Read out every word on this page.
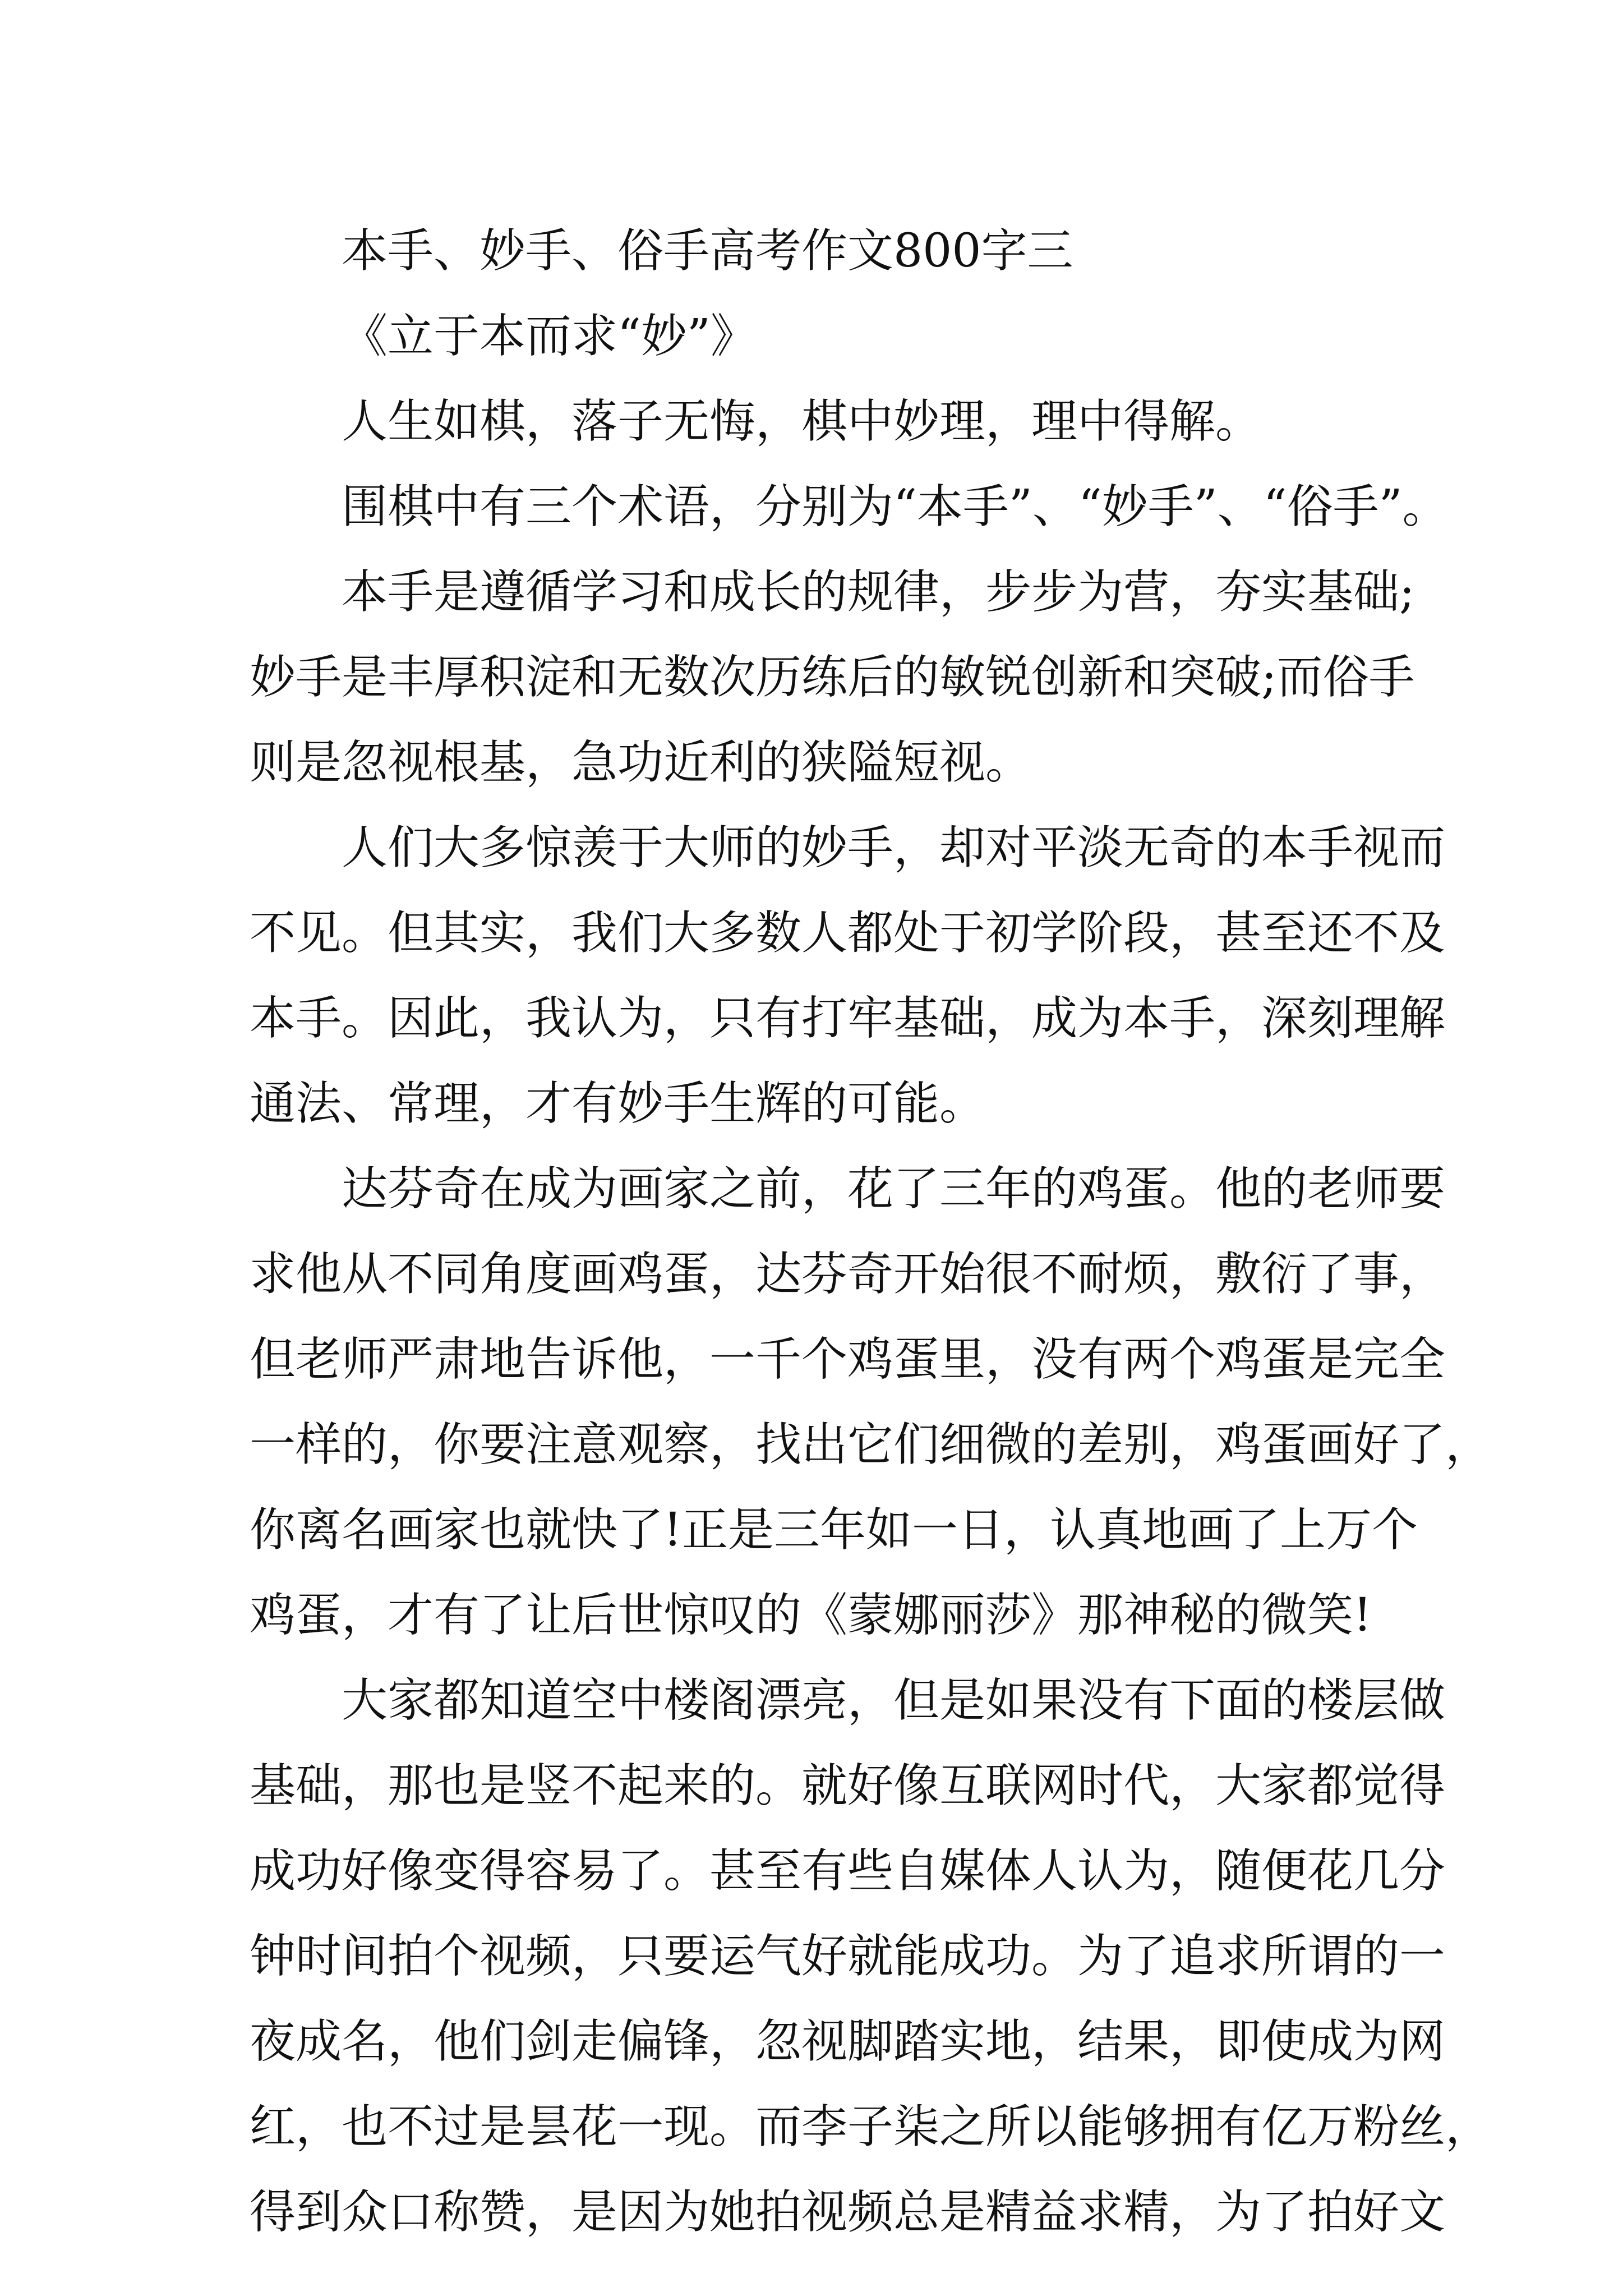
本手、妙手、俗手高考作文800字三
《立于本而求“妙”》
人生如棋，落子无悔，棋中妙理，理中得解。
围棋中有三个术语，分别为“本手”、“妙手”、“俗手”。
本手是遵循学习和成长的规律，步步为营，夯实基础;
妙手是丰厚积淀和无数次历练后的敏锐创新和突破;而俗手
则是忽视根基，急功近利的狭隘短视。
人们大多惊羡于大师的妙手，却对平淡无奇的本手视而
不见。但其实，我们大多数人都处于初学阶段，甚至还不及
本手。因此，我认为，只有打牢基础，成为本手，深刻理解
通法、常理，才有妙手生辉的可能。
达芬奇在成为画家之前，花了三年的鸡蛋。他的老师要
求他从不同角度画鸡蛋，达芬奇开始很不耐烦，敷衍了事，
但老师严肃地告诉他，一千个鸡蛋里，没有两个鸡蛋是完全
一样的，你要注意观察，找出它们细微的差别，鸡蛋画好了，
你离名画家也就快了!正是三年如一日，认真地画了上万个
鸡蛋，才有了让后世惊叹的《蒙娜丽莎》那神秘的微笑!
大家都知道空中楼阁漂亮，但是如果没有下面的楼层做
基础，那也是竖不起来的。就好像互联网时代，大家都觉得
成功好像变得容易了。甚至有些自媒体人认为，随便花几分
钟时间拍个视频，只要运气好就能成功。为了追求所谓的一
夜成名，他们剑走偏锋，忽视脚踏实地，结果，即使成为网
红，也不过是昙花一现。而李子柒之所以能够拥有亿万粉丝，
得到众口称赞，是因为她拍视频总是精益求精，为了拍好文
